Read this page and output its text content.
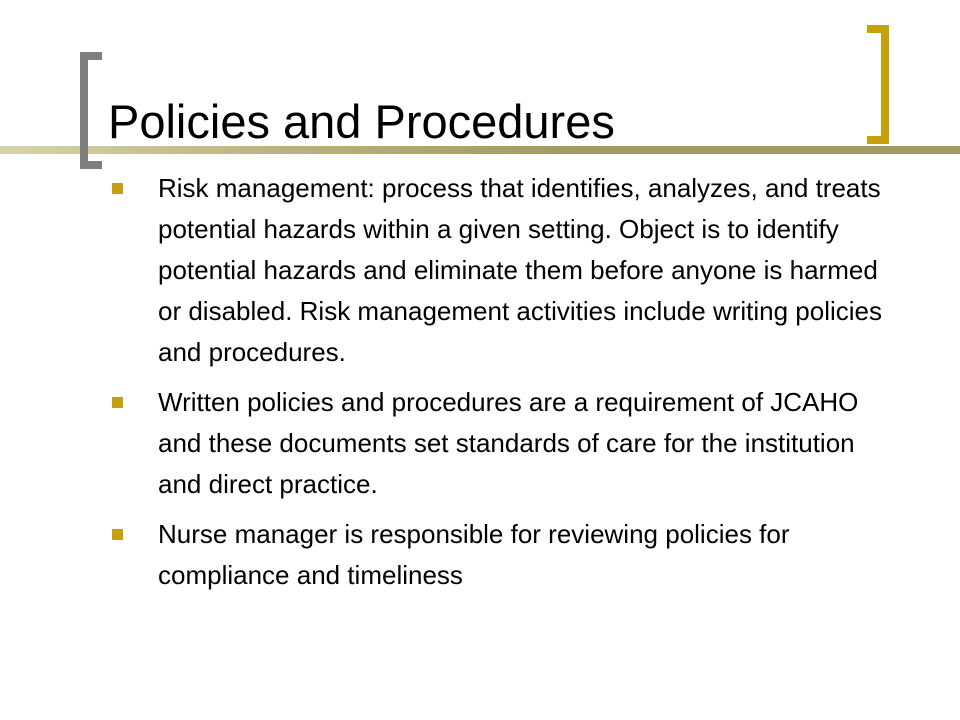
Policies and Procedures
Risk management: process that identifies, analyzes, and treats potential hazards within a given setting. Object is to identify potential hazards and eliminate them before anyone is harmed or disabled. Risk management activities include writing policies and procedures.
Written policies and procedures are a requirement of JCAHO and these documents set standards of care for the institution and direct practice.
Nurse manager is responsible for reviewing policies for compliance and timeliness
